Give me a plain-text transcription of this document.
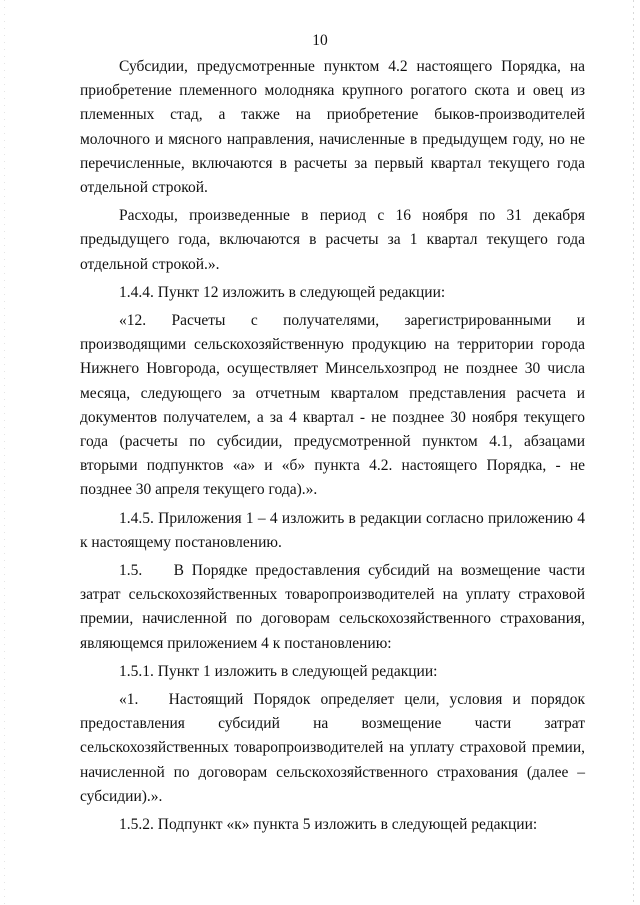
10

Субсидии, предусмотренные пунктом 4.2 настоящего Порядка, на приобретение племенного молодняка крупного рогатого скота и овец из племенных стад, а также на приобретение быков-производителей молочного и мясного направления, начисленные в предыдущем году, но не перечисленные, включаются в расчеты за первый квартал текущего года отдельной строкой.

Расходы, произведенные в период с 16 ноября по 31 декабря предыдущего года, включаются в расчеты за 1 квартал текущего года отдельной строкой.».

1.4.4. Пункт 12 изложить в следующей редакции:

«12. Расчеты с получателями, зарегистрированными и производящими сельскохозяйственную продукцию на территории города Нижнего Новгорода, осуществляет Минсельхозпрод не позднее 30 числа месяца, следующего за отчетным кварталом представления расчета и документов получателем, а за 4 квартал - не позднее 30 ноября текущего года (расчеты по субсидии, предусмотренной пунктом 4.1, абзацами вторыми подпунктов «а» и «б» пункта 4.2. настоящего Порядка, - не позднее 30 апреля текущего года).».

1.4.5. Приложения 1 – 4 изложить в редакции согласно приложению 4 к настоящему постановлению.

1.5.    В Порядке предоставления субсидий на возмещение части затрат сельскохозяйственных товаропроизводителей на уплату страховой премии, начисленной по договорам сельскохозяйственного страхования, являющемся приложением 4 к постановлению:

1.5.1. Пункт 1 изложить в следующей редакции:

«1.   Настоящий Порядок определяет цели, условия и порядок предоставления субсидий на возмещение части затрат сельскохозяйственных товаропроизводителей на уплату страховой премии, начисленной по договорам сельскохозяйственного страхования (далее – субсидии).».

1.5.2. Подпункт «к» пункта 5 изложить в следующей редакции:
